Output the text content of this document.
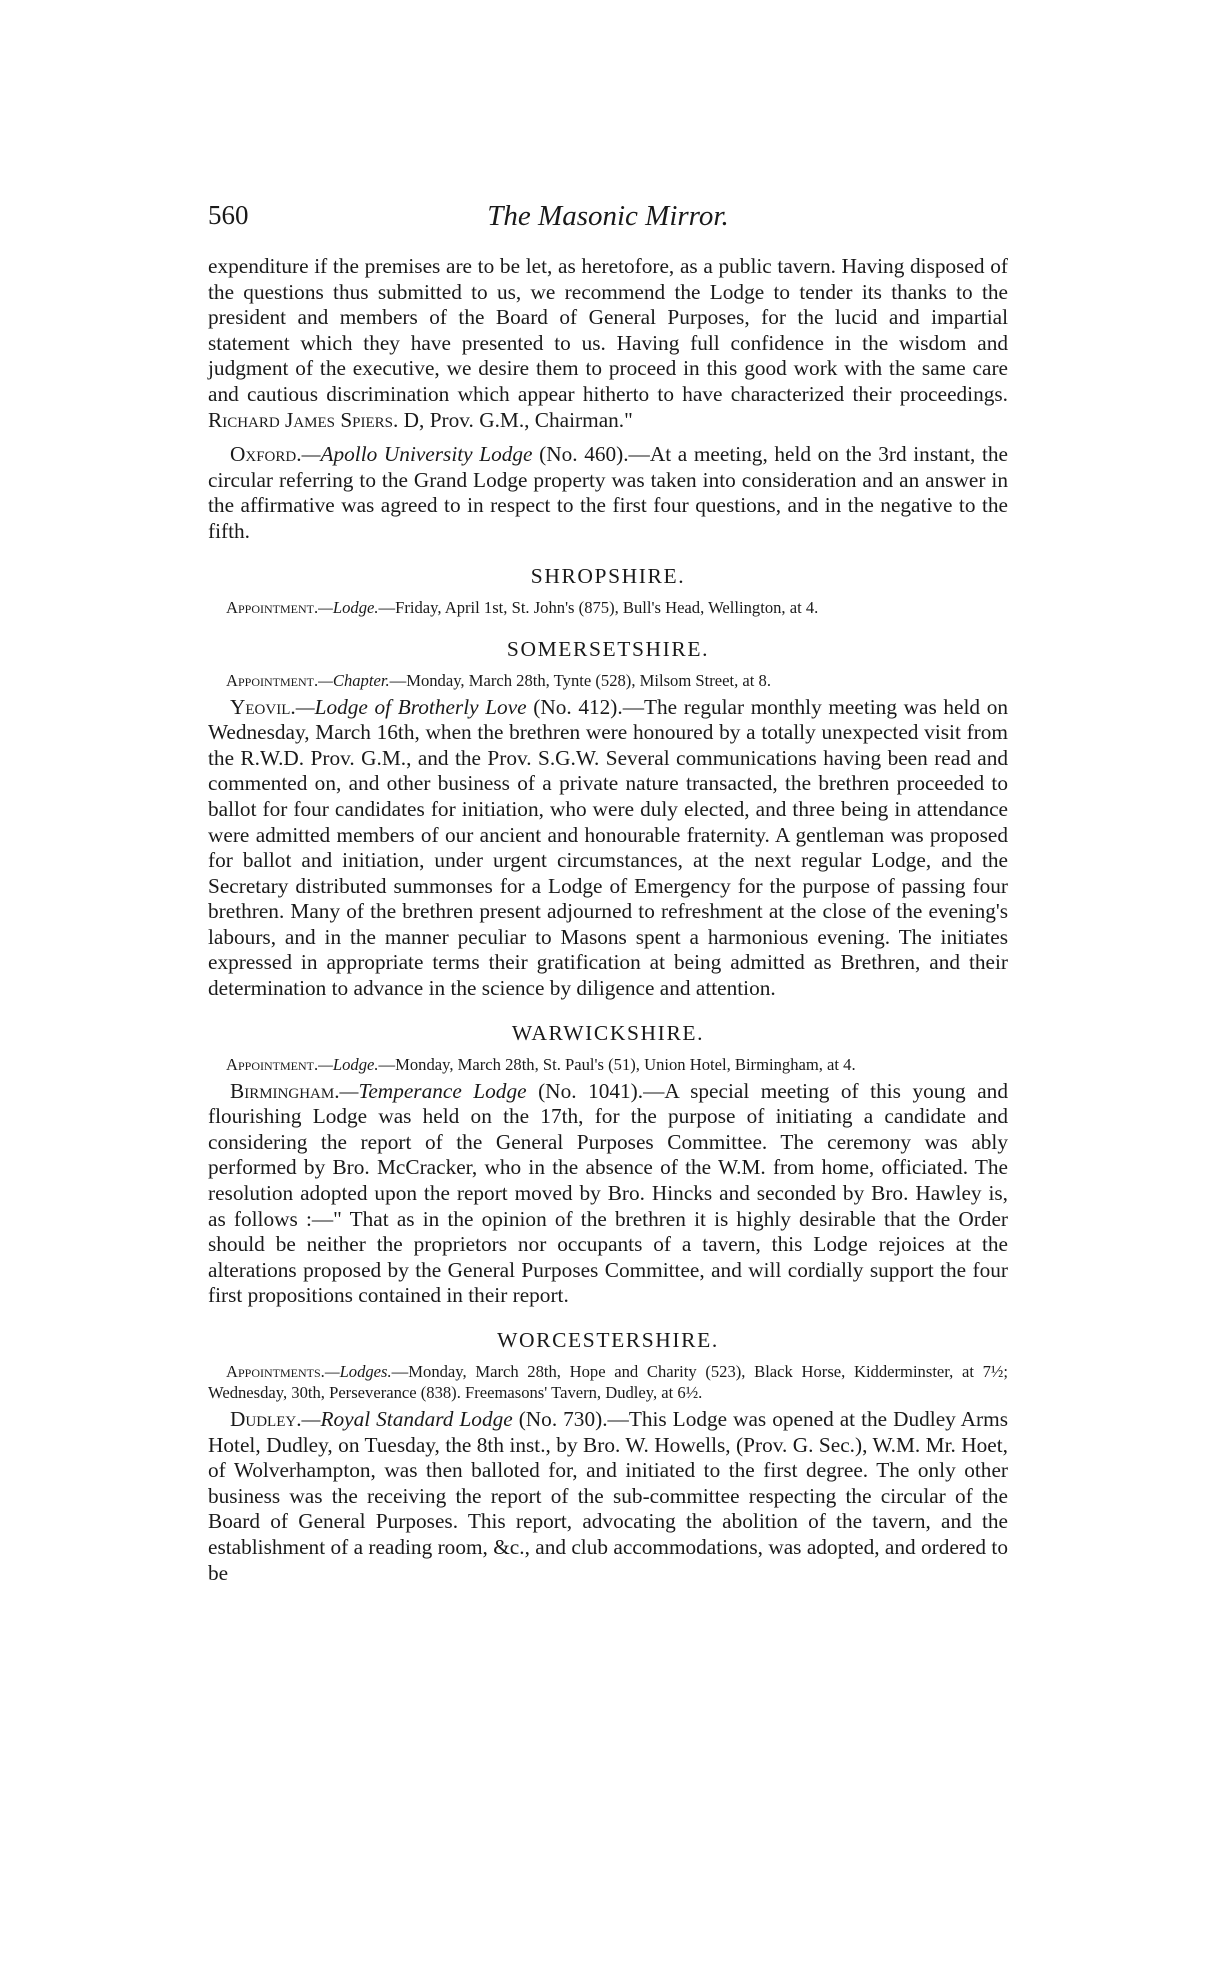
560	The Masonic Mirror.

expenditure if the premises are to be let, as heretofore, as a public tavern. Having disposed of the questions thus submitted to us, we recommend the Lodge to tender its thanks to the president and members of the Board of General Purposes, for the lucid and impartial statement which they have presented to us. Having full confidence in the wisdom and judgment of the executive, we desire them to proceed in this good work with the same care and cautious discrimination which appear hitherto to have characterized their proceedings. Richard James Spiers. D, Prov. G.M., Chairman."

Oxford.—Apollo University Lodge (No. 460).—At a meeting, held on the 3rd instant, the circular referring to the Grand Lodge property was taken into consideration and an answer in the affirmative was agreed to in respect to the first four questions, and in the negative to the fifth.

SHROPSHIRE.

Appointment.—Lodge.—Friday, April 1st, St. John's (875), Bull's Head, Wellington, at 4.

SOMERSETSHIRE.

Appointment.—Chapter.—Monday, March 28th, Tynte (528), Milsom Street, at 8.

Yeovil.—Lodge of Brotherly Love (No. 412).—The regular monthly meeting was held on Wednesday, March 16th, when the brethren were honoured by a totally unexpected visit from the R.W.D. Prov. G.M., and the Prov. S.G.W. Several communications having been read and commented on, and other business of a private nature transacted, the brethren proceeded to ballot for four candidates for initiation, who were duly elected, and three being in attendance were admitted members of our ancient and honourable fraternity. A gentleman was proposed for ballot and initiation, under urgent circumstances, at the next regular Lodge, and the Secretary distributed summonses for a Lodge of Emergency for the purpose of passing four brethren. Many of the brethren present adjourned to refreshment at the close of the evening's labours, and in the manner peculiar to Masons spent a harmonious evening. The initiates expressed in appropriate terms their gratification at being admitted as Brethren, and their determination to advance in the science by diligence and attention.

WARWICKSHIRE.

Appointment.—Lodge.—Monday, March 28th, St. Paul's (51), Union Hotel, Birmingham, at 4.

Birmingham.—Temperance Lodge (No. 1041).—A special meeting of this young and flourishing Lodge was held on the 17th, for the purpose of initiating a candidate and considering the report of the General Purposes Committee. The ceremony was ably performed by Bro. McCracker, who in the absence of the W.M. from home, officiated. The resolution adopted upon the report moved by Bro. Hincks and seconded by Bro. Hawley is, as follows :—" That as in the opinion of the brethren it is highly desirable that the Order should be neither the proprietors nor occupants of a tavern, this Lodge rejoices at the alterations proposed by the General Purposes Committee, and will cordially support the four first propositions contained in their report.

WORCESTERSHIRE.

Appointments.—Lodges.—Monday, March 28th, Hope and Charity (523), Black Horse, Kidderminster, at 7½; Wednesday, 30th, Perseverance (838). Freemasons' Tavern, Dudley, at 6½.

Dudley.—Royal Standard Lodge (No. 730).—This Lodge was opened at the Dudley Arms Hotel, Dudley, on Tuesday, the 8th inst., by Bro. W. Howells, (Prov. G. Sec.), W.M. Mr. Hoet, of Wolverhampton, was then balloted for, and initiated to the first degree. The only other business was the receiving the report of the sub-committee respecting the circular of the Board of General Purposes. This report, advocating the abolition of the tavern, and the establishment of a reading room, &c., and club accommodations, was adopted, and ordered to be
